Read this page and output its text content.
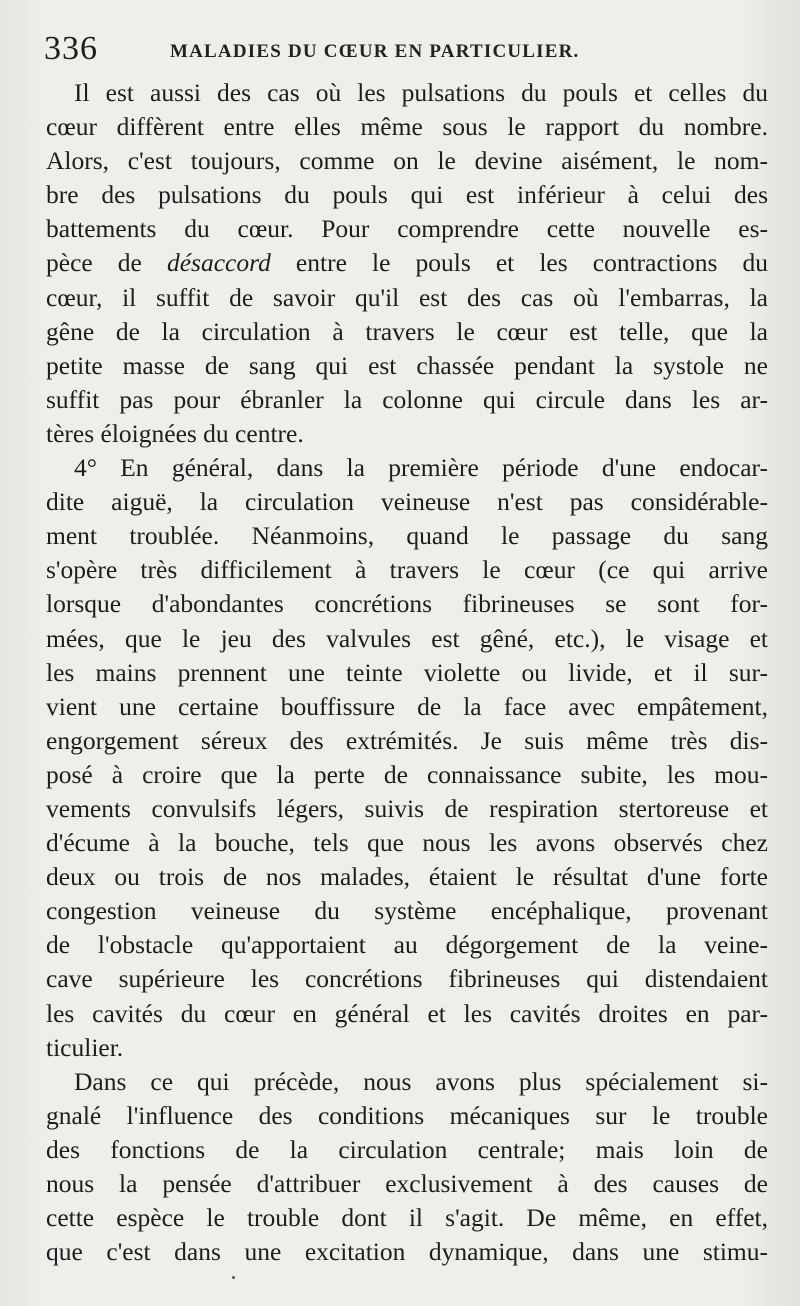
336	MALADIES DU CŒUR EN PARTICULIER.
Il est aussi des cas où les pulsations du pouls et celles du
cœur diffèrent entre elles même sous le rapport du nombre.
Alors, c'est toujours, comme on le devine aisément, le nom-
bre des pulsations du pouls qui est inférieur à celui des
battements du cœur. Pour comprendre cette nouvelle es-
pèce de désaccord entre le pouls et les contractions du
cœur, il suffit de savoir qu'il est des cas où l'embarras, la
gêne de la circulation à travers le cœur est telle, que la
petite masse de sang qui est chassée pendant la systole ne
suffit pas pour ébranler la colonne qui circule dans les ar-
tères éloignées du centre.
4° En général, dans la première période d'une endocar-
dite aiguë, la circulation veineuse n'est pas considérable-
ment troublée. Néanmoins, quand le passage du sang
s'opère très difficilement à travers le cœur (ce qui arrive
lorsque d'abondantes concrétions fibrineuses se sont for-
mées, que le jeu des valvules est gêné, etc.), le visage et
les mains prennent une teinte violette ou livide, et il sur-
vient une certaine bouffissure de la face avec empâtement,
engorgement séreux des extrémités. Je suis même très dis-
posé à croire que la perte de connaissance subite, les mou-
vements convulsifs légers, suivis de respiration stertoreuse et
d'écume à la bouche, tels que nous les avons observés chez
deux ou trois de nos malades, étaient le résultat d'une forte
congestion veineuse du système encéphalique, provenant
de l'obstacle qu'apportaient au dégorgement de la veine-
cave supérieure les concrétions fibrineuses qui distendaient
les cavités du cœur en général et les cavités droites en par-
ticulier.
Dans ce qui précède, nous avons plus spécialement si-
gnalé l'influence des conditions mécaniques sur le trouble
des fonctions de la circulation centrale; mais loin de
nous la pensée d'attribuer exclusivement à des causes de
cette espèce le trouble dont il s'agit. De même, en effet,
que c'est dans une excitation dynamique, dans une stimu-
